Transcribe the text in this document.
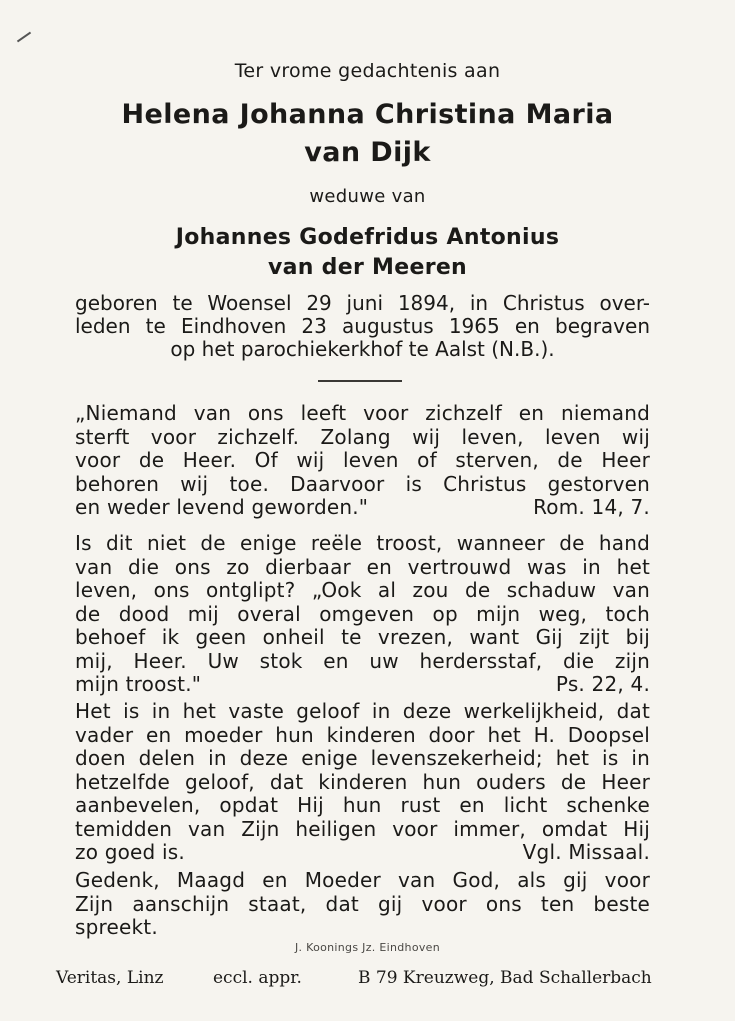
Ter vrome gedachtenis aan
Helena Johanna Christina Maria
van Dijk
weduwe van
Johannes Godefridus Antonius
van der Meeren
geboren te Woensel 29 juni 1894, in Christus over-
leden te Eindhoven 23 augustus 1965 en begraven
op het parochiekerkhof te Aalst (N.B.).
„Niemand van ons leeft voor zichzelf en niemand
sterft voor zichzelf. Zolang wij leven, leven wij
voor de Heer. Of wij leven of sterven, de Heer
behoren wij toe. Daarvoor is Christus gestorven
en weder levend geworden."	Rom. 14, 7.
Is dit niet de enige reële troost, wanneer de hand
van die ons zo dierbaar en vertrouwd was in het
leven, ons ontglipt? „Ook al zou de schaduw van
de dood mij overal omgeven op mijn weg, toch
behoef ik geen onheil te vrezen, want Gij zijt bij
mij, Heer. Uw stok en uw herdersstaf, die zijn
mijn troost."	Ps. 22, 4.
Het is in het vaste geloof in deze werkelijkheid, dat
vader en moeder hun kinderen door het H. Doopsel
doen delen in deze enige levenszekerheid; het is in
hetzelfde geloof, dat kinderen hun ouders de Heer
aanbevelen, opdat Hij hun rust en licht schenke
temidden van Zijn heiligen voor immer, omdat Hij
zo goed is.	Vgl. Missaal.
Gedenk, Maagd en Moeder van God, als gij voor
Zijn aanschijn staat, dat gij voor ons ten beste
spreekt.
J. Koonings Jz. Eindhoven
Veritas, Linz	eccl. appr.	B 79 Kreuzweg, Bad Schallerbach
